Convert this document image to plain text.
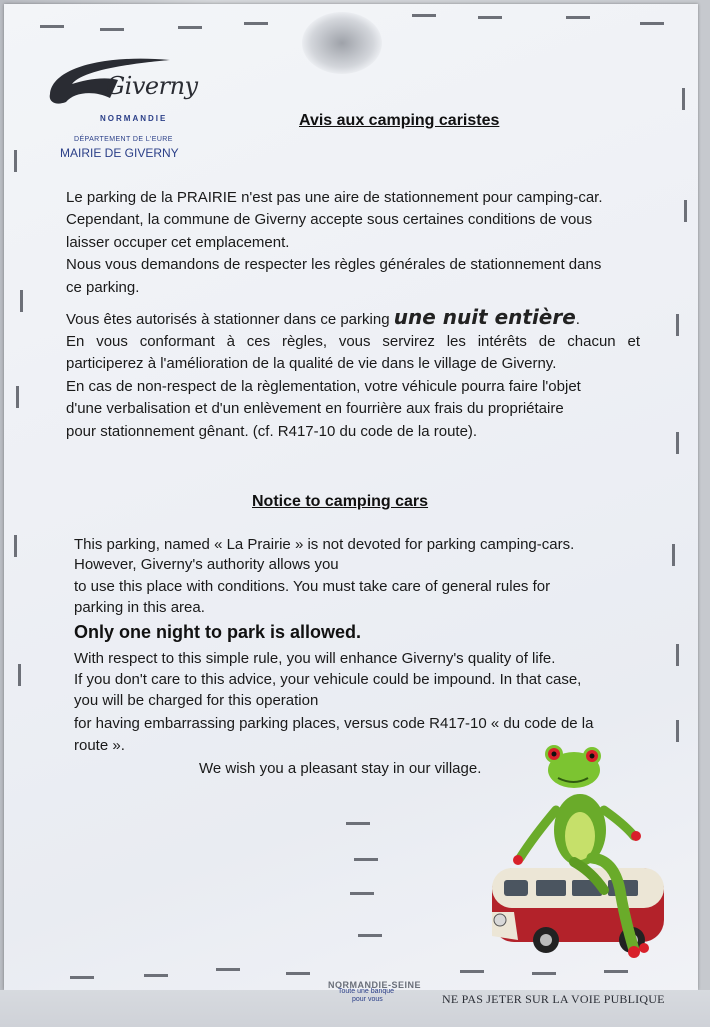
Giverny
NORMANDIE
DÉPARTEMENT DE L'EURE
MAIRIE DE GIVERNY
Avis aux camping caristes
Le parking de la PRAIRIE n'est pas une aire de stationnement pour camping-car.
Cependant, la commune de Giverny accepte sous certaines conditions de vous
laisser occuper cet emplacement.
Nous vous demandons de respecter les règles générales de stationnement dans
ce parking.
Vous êtes autorisés à stationner dans ce parking une nuit entière.
En vous conformant à ces règles, vous servirez les intérêts de chacun et
participerez à l'amélioration de la qualité de vie dans le village de Giverny.
En cas de non-respect de la règlementation, votre véhicule pourra faire l'objet
d'une verbalisation et d'un enlèvement en fourrière aux frais du propriétaire
pour stationnement gênant. (cf. R417-10 du code de la route).
Notice to camping cars
This parking, named « La Prairie » is not devoted for parking camping-cars.
However, Giverny's authority allows you
to use this place with conditions. You must take care of general rules for
parking in this area.
Only one night to park is allowed.
With respect to this simple rule, you will enhance Giverny's quality of life.
If you don't care to this advice, your vehicule could be impound. In that case,
you will be charged for this operation
for having embarrassing parking places, versus code R417-10 « du code de la
route ».
We wish you a pleasant stay in our village.
NORMANDIE-SEINE
Toute une banque
pour vous	NE PAS JETER SUR LA VOIE PUBLIQUE
